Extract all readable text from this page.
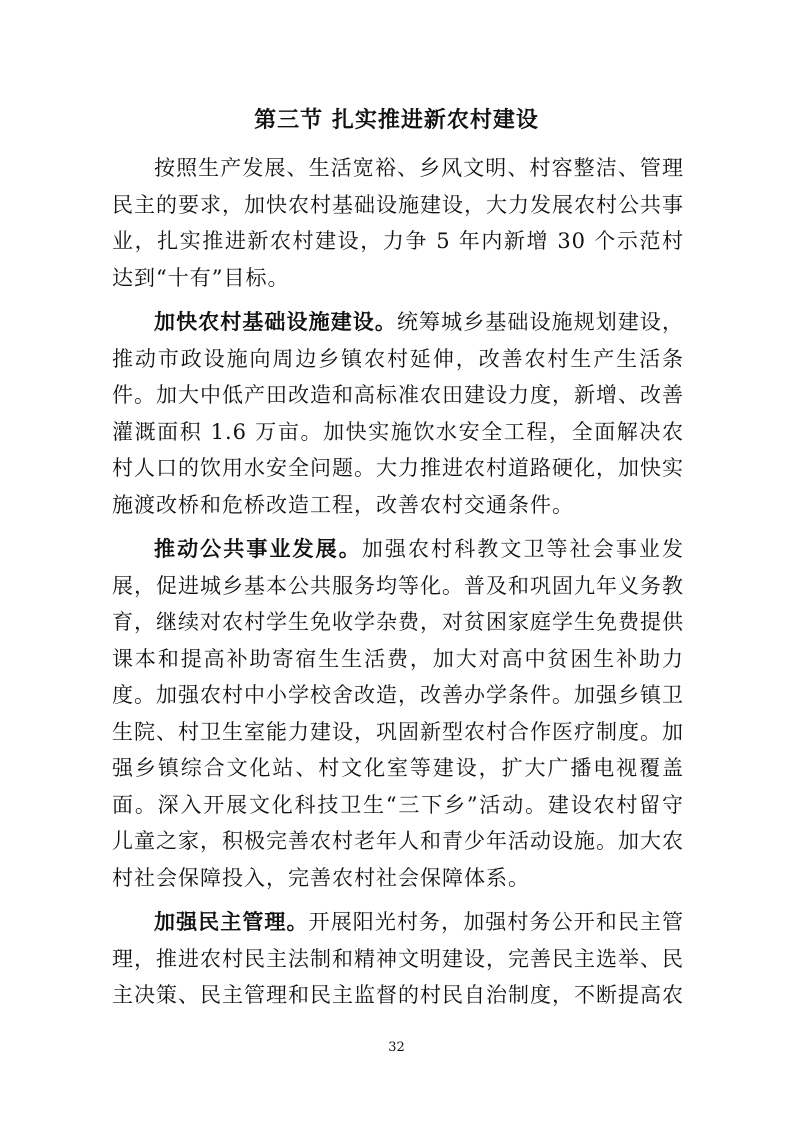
第三节 扎实推进新农村建设

按照生产发展、生活宽裕、乡风文明、村容整洁、管理民主的要求，加快农村基础设施建设，大力发展农村公共事业，扎实推进新农村建设，力争 5 年内新增 30 个示范村达到“十有”目标。

加快农村基础设施建设。统筹城乡基础设施规划建设，推动市政设施向周边乡镇农村延伸，改善农村生产生活条件。加大中低产田改造和高标准农田建设力度，新增、改善灌溉面积 1.6 万亩。加快实施饮水安全工程，全面解决农村人口的饮用水安全问题。大力推进农村道路硬化，加快实施渡改桥和危桥改造工程，改善农村交通条件。

推动公共事业发展。加强农村科教文卫等社会事业发展，促进城乡基本公共服务均等化。普及和巩固九年义务教育，继续对农村学生免收学杂费，对贫困家庭学生免费提供课本和提高补助寄宿生生活费，加大对高中贫困生补助力度。加强农村中小学校舍改造，改善办学条件。加强乡镇卫生院、村卫生室能力建设，巩固新型农村合作医疗制度。加强乡镇综合文化站、村文化室等建设，扩大广播电视覆盖面。深入开展文化科技卫生“三下乡”活动。建设农村留守儿童之家，积极完善农村老年人和青少年活动设施。加大农村社会保障投入，完善农村社会保障体系。

加强民主管理。开展阳光村务，加强村务公开和民主管理，推进农村民主法制和精神文明建设，完善民主选举、民主决策、民主管理和民主监督的村民自治制度，不断提高农

32
